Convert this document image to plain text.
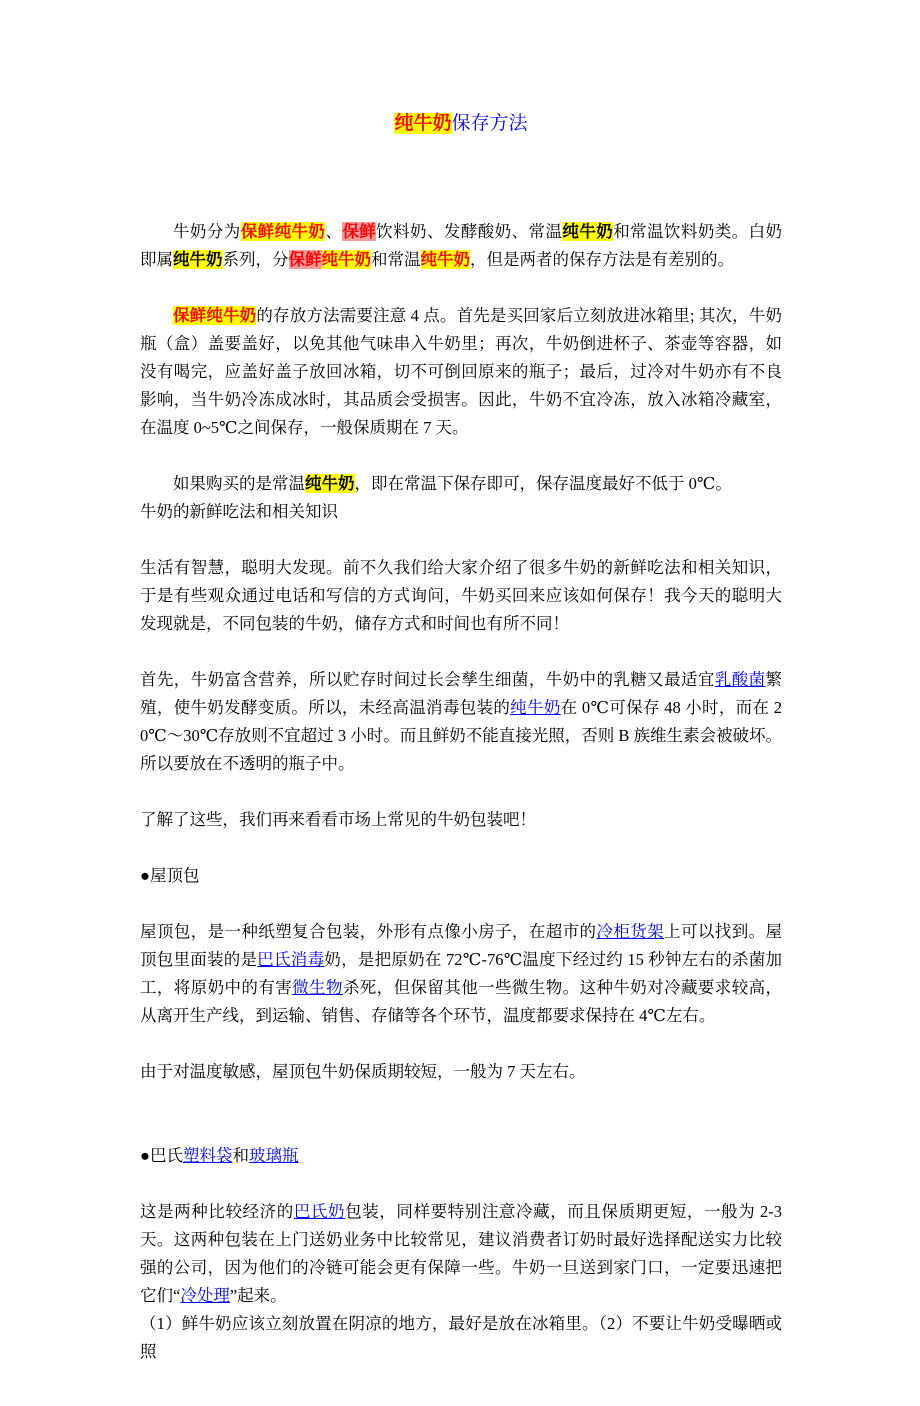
纯牛奶保存方法

牛奶分为保鲜纯牛奶、保鲜饮料奶、发酵酸奶、常温纯牛奶和常温饮料奶类。白奶即属纯牛奶系列，分保鲜纯牛奶和常温纯牛奶，但是两者的保存方法是有差别的。

保鲜纯牛奶的存放方法需要注意 4 点。首先是买回家后立刻放进冰箱里; 其次，牛奶瓶（盒）盖要盖好，以免其他气味串入牛奶里；再次，牛奶倒进杯子、茶壶等容器，如没有喝完，应盖好盖子放回冰箱，切不可倒回原来的瓶子；最后，过冷对牛奶亦有不良影响，当牛奶冷冻成冰时，其品质会受损害。因此，牛奶不宜冷冻，放入冰箱冷藏室，在温度 0~5℃之间保存，一般保质期在 7 天。

如果购买的是常温纯牛奶，即在常温下保存即可，保存温度最好不低于 0℃。

牛奶的新鲜吃法和相关知识

生活有智慧，聪明大发现。前不久我们给大家介绍了很多牛奶的新鲜吃法和相关知识，于是有些观众通过电话和写信的方式询问，牛奶买回来应该如何保存！我今天的聪明大发现就是，不同包装的牛奶，储存方式和时间也有所不同！

首先，牛奶富含营养，所以贮存时间过长会孳生细菌，牛奶中的乳糖又最适宜乳酸菌繁殖，使牛奶发酵变质。所以，未经高温消毒包装的纯牛奶在 0℃可保存 48 小时，而在 20℃～30℃存放则不宜超过 3 小时。而且鲜奶不能直接光照，否则 B 族维生素会被破坏。所以要放在不透明的瓶子中。

了解了这些，我们再来看看市场上常见的牛奶包装吧！

●屋顶包

屋顶包，是一种纸塑复合包装，外形有点像小房子，在超市的冷柜货架上可以找到。屋顶包里面装的是巴氏消毒奶，是把原奶在 72℃-76℃温度下经过约 15 秒钟左右的杀菌加工，将原奶中的有害微生物杀死，但保留其他一些微生物。这种牛奶对冷藏要求较高，从离开生产线，到运输、销售、存储等各个环节，温度都要求保持在 4℃左右。

由于对温度敏感，屋顶包牛奶保质期较短，一般为 7 天左右。

●巴氏塑料袋和玻璃瓶

这是两种比较经济的巴氏奶包装，同样要特别注意冷藏，而且保质期更短，一般为 2-3 天。这两种包装在上门送奶业务中比较常见，建议消费者订奶时最好选择配送实力比较强的公司，因为他们的冷链可能会更有保障一些。牛奶一旦送到家门口，一定要迅速把它们“冷处理”起来。

（1）鲜牛奶应该立刻放置在阴凉的地方，最好是放在冰箱里。（2）不要让牛奶受曝晒或照
